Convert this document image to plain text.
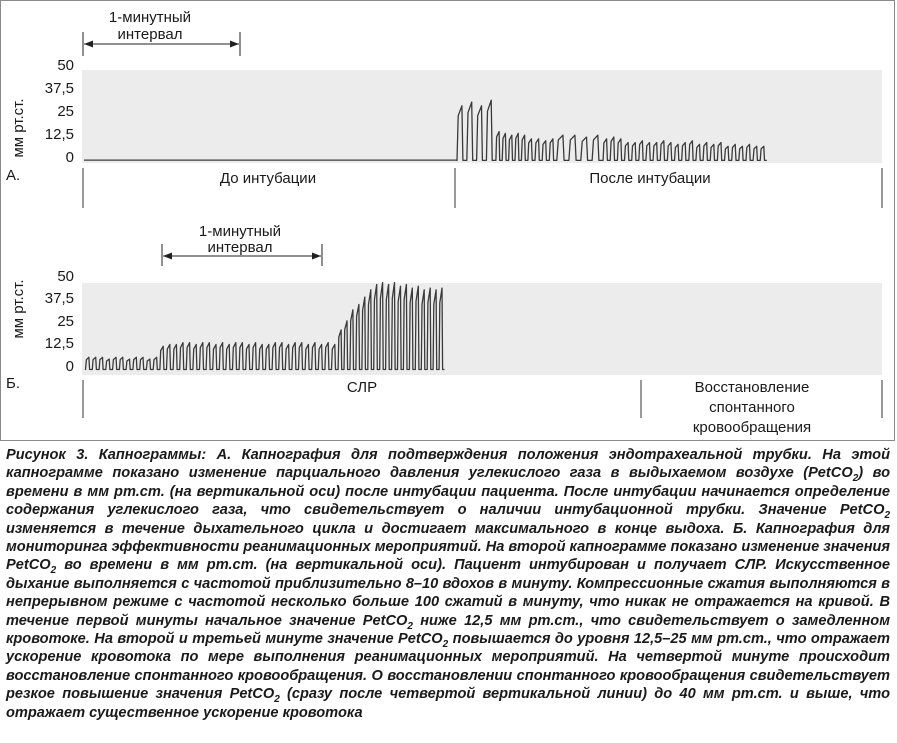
1-минутный
интервал
мм рт.ст.
50
37,5
25
12,5
0
А.	До интубации	После интубации
1-минутный
интервал
мм рт.ст.
50
37,5
25
12,5
0
Б.	СЛР	Восстановление
спонтанного
кровообращения
Рисунок 3. Капнограммы: А. Капнография для подтверждения положения эндотрахеальной трубки. На этой капнограмме показано изменение парциального давления углекислого газа в выдыхаемом воздухе (PetCO$_2$) во времени в мм рт.ст. (на вертикальной оси) после интубации пациента. После интубации начинается определение содержания углекислого газа, что свидетельствует о наличии интубационной трубки. Значение PetCO$_2$ изменяется в течение дыхательного цикла и достигает максимального в конце выдоха. Б. Капнография для мониторинга эффективности реанимационных мероприятий. На второй капнограмме показано изменение значения PetCO$_2$ во времени в мм рт.ст. (на вертикальной оси). Пациент интубирован и получает СЛР. Искусственное дыхание выполняется с частотой приблизительно 8–10 вдохов в минуту. Компрессионные сжатия выполняются в непрерывном режиме с частотой несколько больше 100 сжатий в минуту, что никак не отражается на кривой. В течение первой минуты начальное значение PetCO$_2$ ниже 12,5 мм рт.ст., что свидетельствует о замедленном кровотоке. На второй и третьей минуте значение PetCO$_2$ повышается до уровня 12,5–25 мм рт.ст., что отражает ускорение кровотока по мере выполнения реанимационных мероприятий. На четвертой минуте происходит восстановление спонтанного кровообращения. О восстановлении спонтанного кровообращения свидетельствует резкое повышение значения PetCO$_2$ (сразу после четвертой вертикальной линии) до 40 мм рт.ст. и выше, что отражает существенное ускорение кровотока
